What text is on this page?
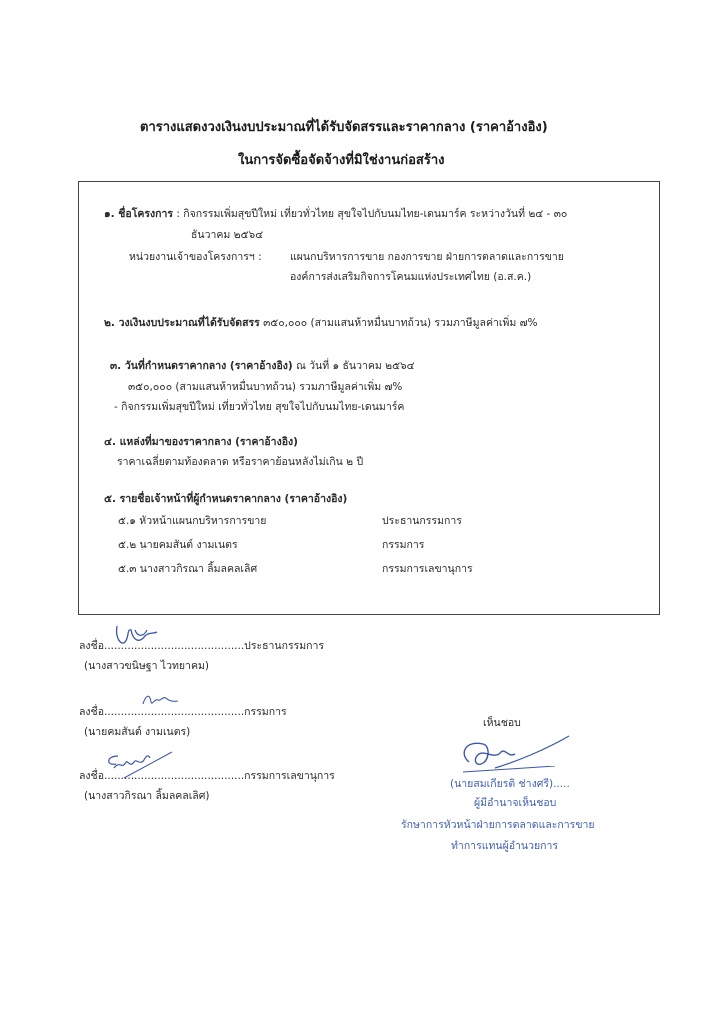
ตารางแสดงวงเงินงบประมาณที่ได้รับจัดสรรและราคากลาง (ราคาอ้างอิง)
ในการจัดซื้อจัดจ้างที่มิใช่งานก่อสร้าง
๑. ชื่อโครงการ : กิจกรรมเพิ่มสุขปีใหม่ เที่ยวทั่วไทย สุขใจไปกับนมไทย-เดนมาร์ค ระหว่างวันที่ ๒๔ - ๓๐
ธันวาคม ๒๕๖๔
หน่วยงานเจ้าของโครงการฯ :	แผนกบริหารการขาย กองการขาย ฝ่ายการตลาดและการขาย
องค์การส่งเสริมกิจการโคนมแห่งประเทศไทย (อ.ส.ค.)
๒. วงเงินงบประมาณที่ได้รับจัดสรร ๓๕๐,๐๐๐ (สามแสนห้าหมื่นบาทถ้วน) รวมภาษีมูลค่าเพิ่ม ๗%
๓. วันที่กำหนดราคากลาง (ราคาอ้างอิง) ณ วันที่ ๑ ธันวาคม ๒๕๖๔
๓๕๐,๐๐๐ (สามแสนห้าหมื่นบาทถ้วน) รวมภาษีมูลค่าเพิ่ม ๗%
- กิจกรรมเพิ่มสุขปีใหม่ เที่ยวทั่วไทย สุขใจไปกับนมไทย-เดนมาร์ค
๔. แหล่งที่มาของราคากลาง (ราคาอ้างอิง)
ราคาเฉลี่ยตามท้องตลาด หรือราคาย้อนหลังไม่เกิน ๒ ปี
๕. รายชื่อเจ้าหน้าที่ผู้กำหนดราคากลาง (ราคาอ้างอิง)
๕.๑ หัวหน้าแผนกบริหารการขาย	ประธานกรรมการ
๕.๒ นายคมสันต์ งามเนตร	กรรมการ
๕.๓ นางสาวกิรณา ลิ้มลคลเลิศ	กรรมการเลขานุการ
ลงชื่อ..........................................ประธานกรรมการ
(นางสาวขนิษฐา ไวทยาคม)
ลงชื่อ..........................................กรรมการ
(นายคมสันต์ งามเนตร)
ลงชื่อ..........................................กรรมการเลขานุการ
(นางสาวกิรณา ลิ้มลคลเลิศ)
เห็นชอบ
(นายสมเกียรติ ช่างศรี).....
ผู้มีอำนาจเห็นชอบ
รักษาการหัวหน้าฝ่ายการตลาดและการขาย
ทำการแทนผู้อำนวยการ
